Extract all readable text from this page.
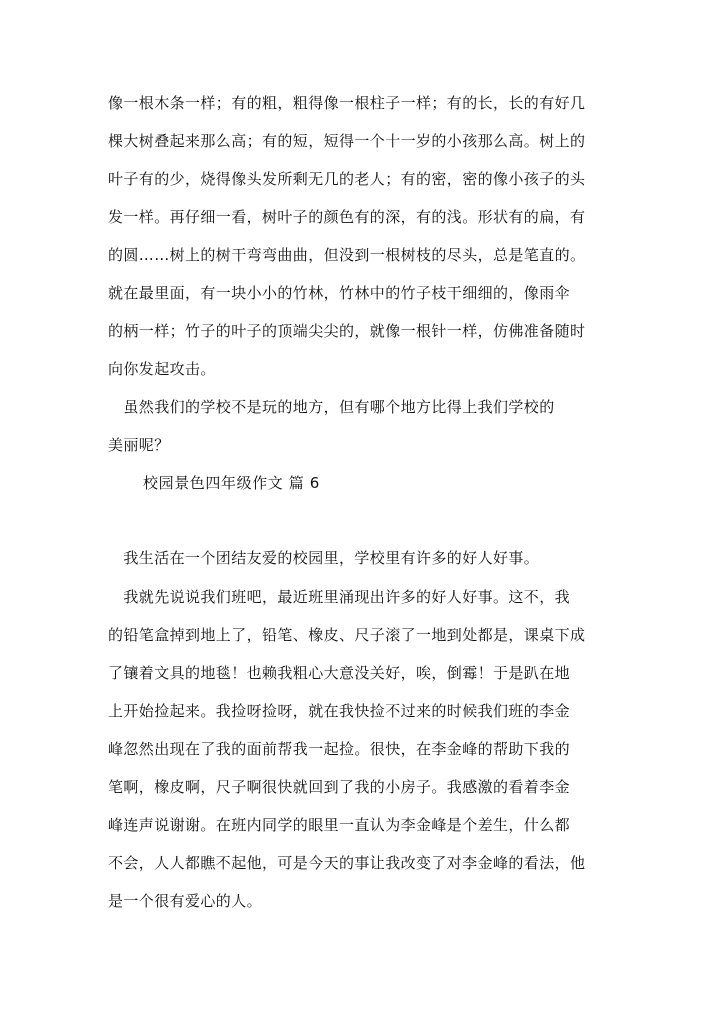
像一根木条一样；有的粗，粗得像一根柱子一样；有的长，长的有好几
棵大树叠起来那么高；有的短，短得一个十一岁的小孩那么高。树上的
叶子有的少，烧得像头发所剩无几的老人；有的密，密的像小孩子的头
发一样。再仔细一看，树叶子的颜色有的深，有的浅。形状有的扁，有
的圆……树上的树干弯弯曲曲，但没到一根树枝的尽头，总是笔直的。
就在最里面，有一块小小的竹林，竹林中的竹子枝干细细的，像雨伞
的柄一样；竹子的叶子的顶端尖尖的，就像一根针一样，仿佛准备随时
向你发起攻击。
　虽然我们的学校不是玩的地方，但有哪个地方比得上我们学校的
美丽呢？
校园景色四年级作文 篇 6
　我生活在一个团结友爱的校园里，学校里有许多的好人好事。
　我就先说说我们班吧，最近班里涌现出许多的好人好事。这不，我
的铅笔盒掉到地上了，铅笔、橡皮、尺子滚了一地到处都是，课桌下成
了镶着文具的地毯！也赖我粗心大意没关好，唉，倒霉！于是趴在地
上开始捡起来。我捡呀捡呀，就在我快捡不过来的时候我们班的李金
峰忽然出现在了我的面前帮我一起捡。很快，在李金峰的帮助下我的
笔啊，橡皮啊，尺子啊很快就回到了我的小房子。我感激的看着李金
峰连声说谢谢。在班内同学的眼里一直认为李金峰是个差生，什么都
不会，人人都瞧不起他，可是今天的事让我改变了对李金峰的看法，他
是一个很有爱心的人。
